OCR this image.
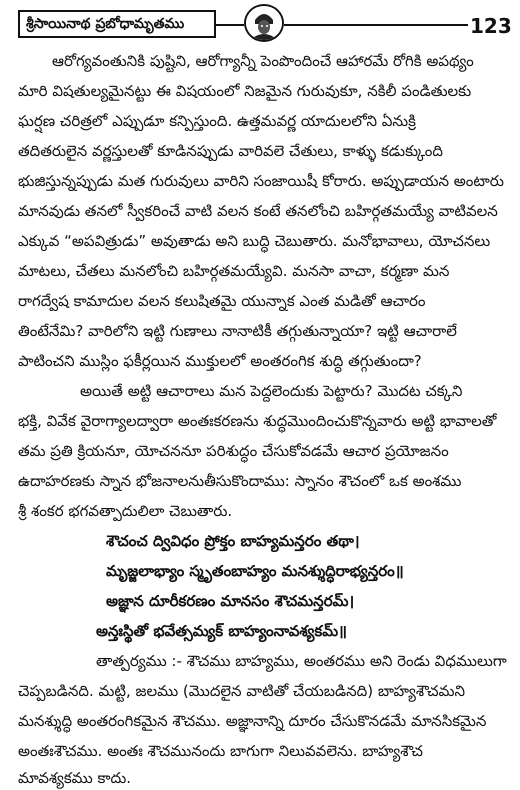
శ్రీసాయినాథ ప్రబోధామృతము	123
ఆరోగ్యవంతునికి పుష్టిని, ఆరోగ్యాన్నీ పెంపొందించే ఆహారమే రోగికి అపథ్యం
మారి విషతుల్యమైనట్టు ఈ విషయంలో నిజమైన గురువుకూ, నకిలీ పండితులకు
ఘర్షణ చరిత్రలో ఎప్పుడూ కన్పిస్తుంది. ఉత్తమవర్ణ యాదులలోని ఏనుక్రి
తదితరులైన వర్ణస్తులతో కూడినప్పుడు వారివలె చేతులు, కాళ్ళు కడుక్కుంది
భుజిస్తున్నప్పుడు మత గురువులు వారిని సంజాయిషీ కోరారు. అప్పుడాయన అంటారు
మానవుడు తనలో స్వీకరించే వాటి వలన కంటే తనలోంచి బహిర్గతమయ్యే వాటివలన
ఎక్కువ “అపవిత్రుడు” అవుతాడు అని బుద్ధి చెబుతారు. మనోభావాలు, యోచనలు
మాటలు, చేతలు మనలోంచి బహిర్గతమయ్యేవి. మనసా వాచా, కర్మణా మన
రాగద్వేష కామాదుల వలన కలుషితమై యున్నాక ఎంత మడితో ఆచారం
తింటేనేమి? వారిలోని ఇట్టి గుణాలు నానాటికీ తగ్గుతున్నాయా? ఇట్టి ఆచారాలే
పాటించని ముస్లిం ఫకీర్లయిన ముక్తులలో అంతరంగిక శుద్ధి తగ్గుతుందా?
అయితే అట్టి ఆచారాలు మన పెద్దలెందుకు పెట్టారు? మొదట చక్కని
భక్తి, వివేక వైరాగ్యాలద్వారా అంతఃకరణను శుద్ధమొందించుకొన్నవారు అట్టి భావాలతో
తమ ప్రతి క్రియనూ, యోచననూ పరిశుద్ధం చేసుకోవడమే ఆచార ప్రయోజనం
ఉదాహరణకు స్నాన భోజనాలనుతీసుకొందాము: స్నానం శౌచంలో ఒక అంశము
శ్రీ శంకర భగవత్పాదులిలా చెబుతారు.
శౌచంచ ద్వివిధం ప్రోక్తం బాహ్యమన్తరం తథా।
మృజ్జలాభ్యాం స్మృతంబాహ్యం మనశ్శుద్ధిరాభ్యన్తరం॥
అజ్ఞాన దూరీకరణం మానసం శౌచమన్తరమ్।
అన్తఃస్థితో భవేత్సమ్యక్ బాహ్యంనావశ్యకమ్॥
తాత్పర్యము :- శౌచము బాహ్యము, అంతరము అని రెండు విధములుగా
చెప్పబడినది. మట్టి, జలము (మొదలైన వాటితో చేయబడినది) బాహ్యశౌచమని
మనశ్శుద్ధి అంతరంగికమైన శౌచము. అజ్ఞానాన్ని దూరం చేసుకొనడమే మానసికమైన
అంతఃశౌచము. అంతః శౌచమునందు బాగుగా నిలువవలెను. బాహ్యశౌచ
మావశ్యకము కాదు.
